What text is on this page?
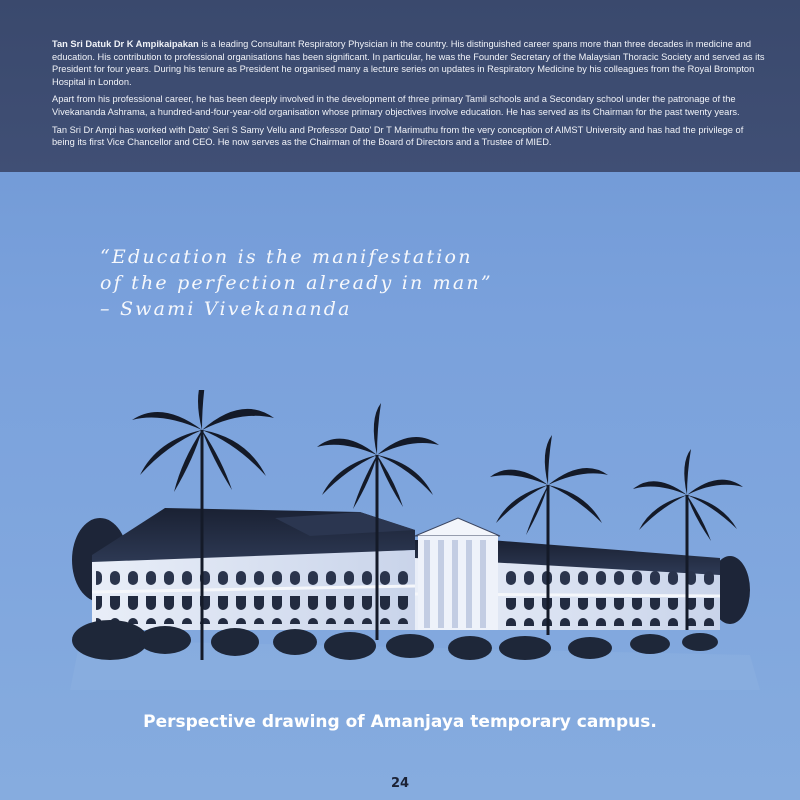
Tan Sri Datuk Dr K Ampikaipakan is a leading Consultant Respiratory Physician in the country. His distinguished career spans more than three decades in medicine and education. His contribution to professional organisations has been significant. In particular, he was the Founder Secretary of the Malaysian Thoracic Society and served as its President for four years. During his tenure as President he organised many a lecture series on updates in Respiratory Medicine by his colleagues from the Royal Brompton Hospital in London.

Apart from his professional career, he has been deeply involved in the development of three primary Tamil schools and a Secondary school under the patronage of the Vivekananda Ashrama, a hundred-and-four-year-old organisation whose primary objectives involve education. He has served as its Chairman for the past twenty years.

Tan Sri Dr Ampi has worked with Dato' Seri S Samy Vellu and Professor Dato' Dr T Marimuthu from the very conception of AIMST University and has had the privilege of being its first Vice Chancellor and CEO. He now serves as the Chairman of the Board of Directors and a Trustee of MIED.

“Education is the manifestation
of the perfection already in man”
– Swami Vivekananda
Perspective drawing of Amanjaya temporary campus.
24
